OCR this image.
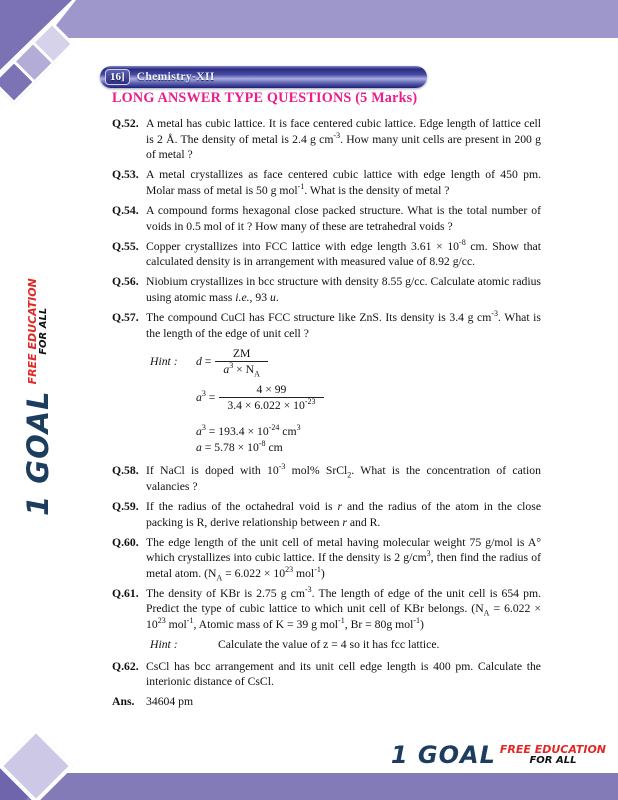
16]	Chemistry-XII
LONG ANSWER TYPE QUESTIONS (5 Marks)
Q.52. A metal has cubic lattice. It is face centered cubic lattice. Edge length of lattice cell is 2 Å. The density of metal is 2.4 g $cm^{-3}$. How many unit cells are present in 200 g of metal ?
Q.53. A metal crystallizes as face centered cubic lattice with edge length of 450 pm. Molar mass of metal is 50 g mol$^{-1}$. What is the density of metal ?
Q.54. A compound forms hexagonal close packed structure. What is the total number of voids in 0.5 mol of it ? How many of these are tetrahedral voids ?
Q.55. Copper crystallizes into FCC lattice with edge length $3.61 \times 10^{-8}$ cm. Show that calculated density is in arrangement with measured value of 8.92 g/cc.
Q.56. Niobium crystallizes in bcc structure with density 8.55 g/cc. Calculate atomic radius using atomic mass i.e., 93 u.
Q.57. The compound CuCl has FCC structure like ZnS. Its density is 3.4 g $cm^{-3}$. What is the length of the edge of unit cell ?
Hint :	$d = \frac{ZM}{a^3 \times N_A}$
$a^3 = \frac{4 \times 99}{3.4 \times 6.022 \times 10^{-23}}$
$a^3 = 193.4 \times 10^{-24}$ $cm^3$
$a = 5.78 \times 10^{-8}$ cm
Q.58. If NaCl is doped with $10^{-3}$ mol% SrCl$_2$. What is the concentration of cation valancies ?
Q.59. If the radius of the octahedral void is r and the radius of the atom in the close packing is R, derive relationship between r and R.
Q.60. The edge length of the unit cell of metal having molecular weight 75 g/mol is A° which crystallizes into cubic lattice. If the density is 2 $g/cm^3$, then find the radius of metal atom. ($N_A = 6.022 \times 10^{23}$ mol$^{-1}$)
Q.61. The density of KBr is 2.75 g $cm^{-3}$. The length of edge of the unit cell is 654 pm. Predict the type of cubic lattice to which unit cell of KBr belongs. ($N_A = 6.022 \times 10^{23}$ mol$^{-1}$, Atomic mass of K = 39 g mol$^{-1}$, Br = 80g mol$^{-1}$)
Hint :	Calculate the value of z = 4 so it has fcc lattice.
Q.62. CsCl has bcc arrangement and its unit cell edge length is 400 pm. Calculate the interionic distance of CsCl.
Ans. 34604 pm
1 GOAL
FREE EDUCATION
FOR ALL
1 GOAL FREE EDUCATION
FOR ALL
